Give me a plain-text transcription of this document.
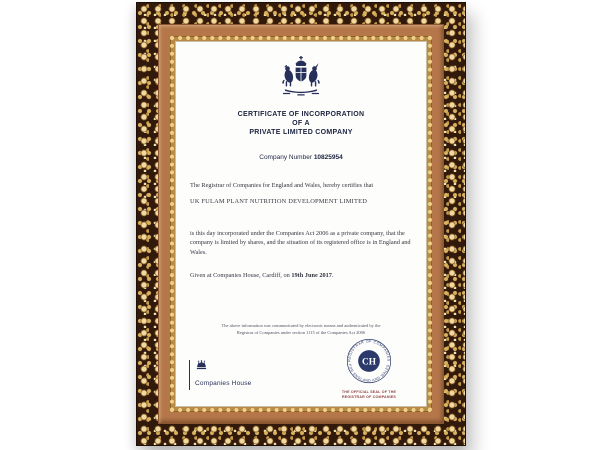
CERTIFICATE OF INCORPORATION
OF A
PRIVATE LIMITED COMPANY
Company Number 10825954
The Registrar of Companies for England and Wales, hereby certifies that
UK FULAM PLANT NUTRITION DEVELOPMENT LIMITED
is this day incorporated under the Companies Act 2006 as a private company, that the company is limited by shares, and the situation of its registered office is in England and Wales.
Given at Companies House, Cardiff, on 19th June 2017.
The above information was communicated by electronic means and authenticated by the
Registrar of Companies under section 1115 of the Companies Act 2006
Companies House
CH
REGISTRAR OF COMPANIES
FOR ENGLAND AND WALES
THE OFFICIAL SEAL OF THE
REGISTRAR OF COMPANIES
